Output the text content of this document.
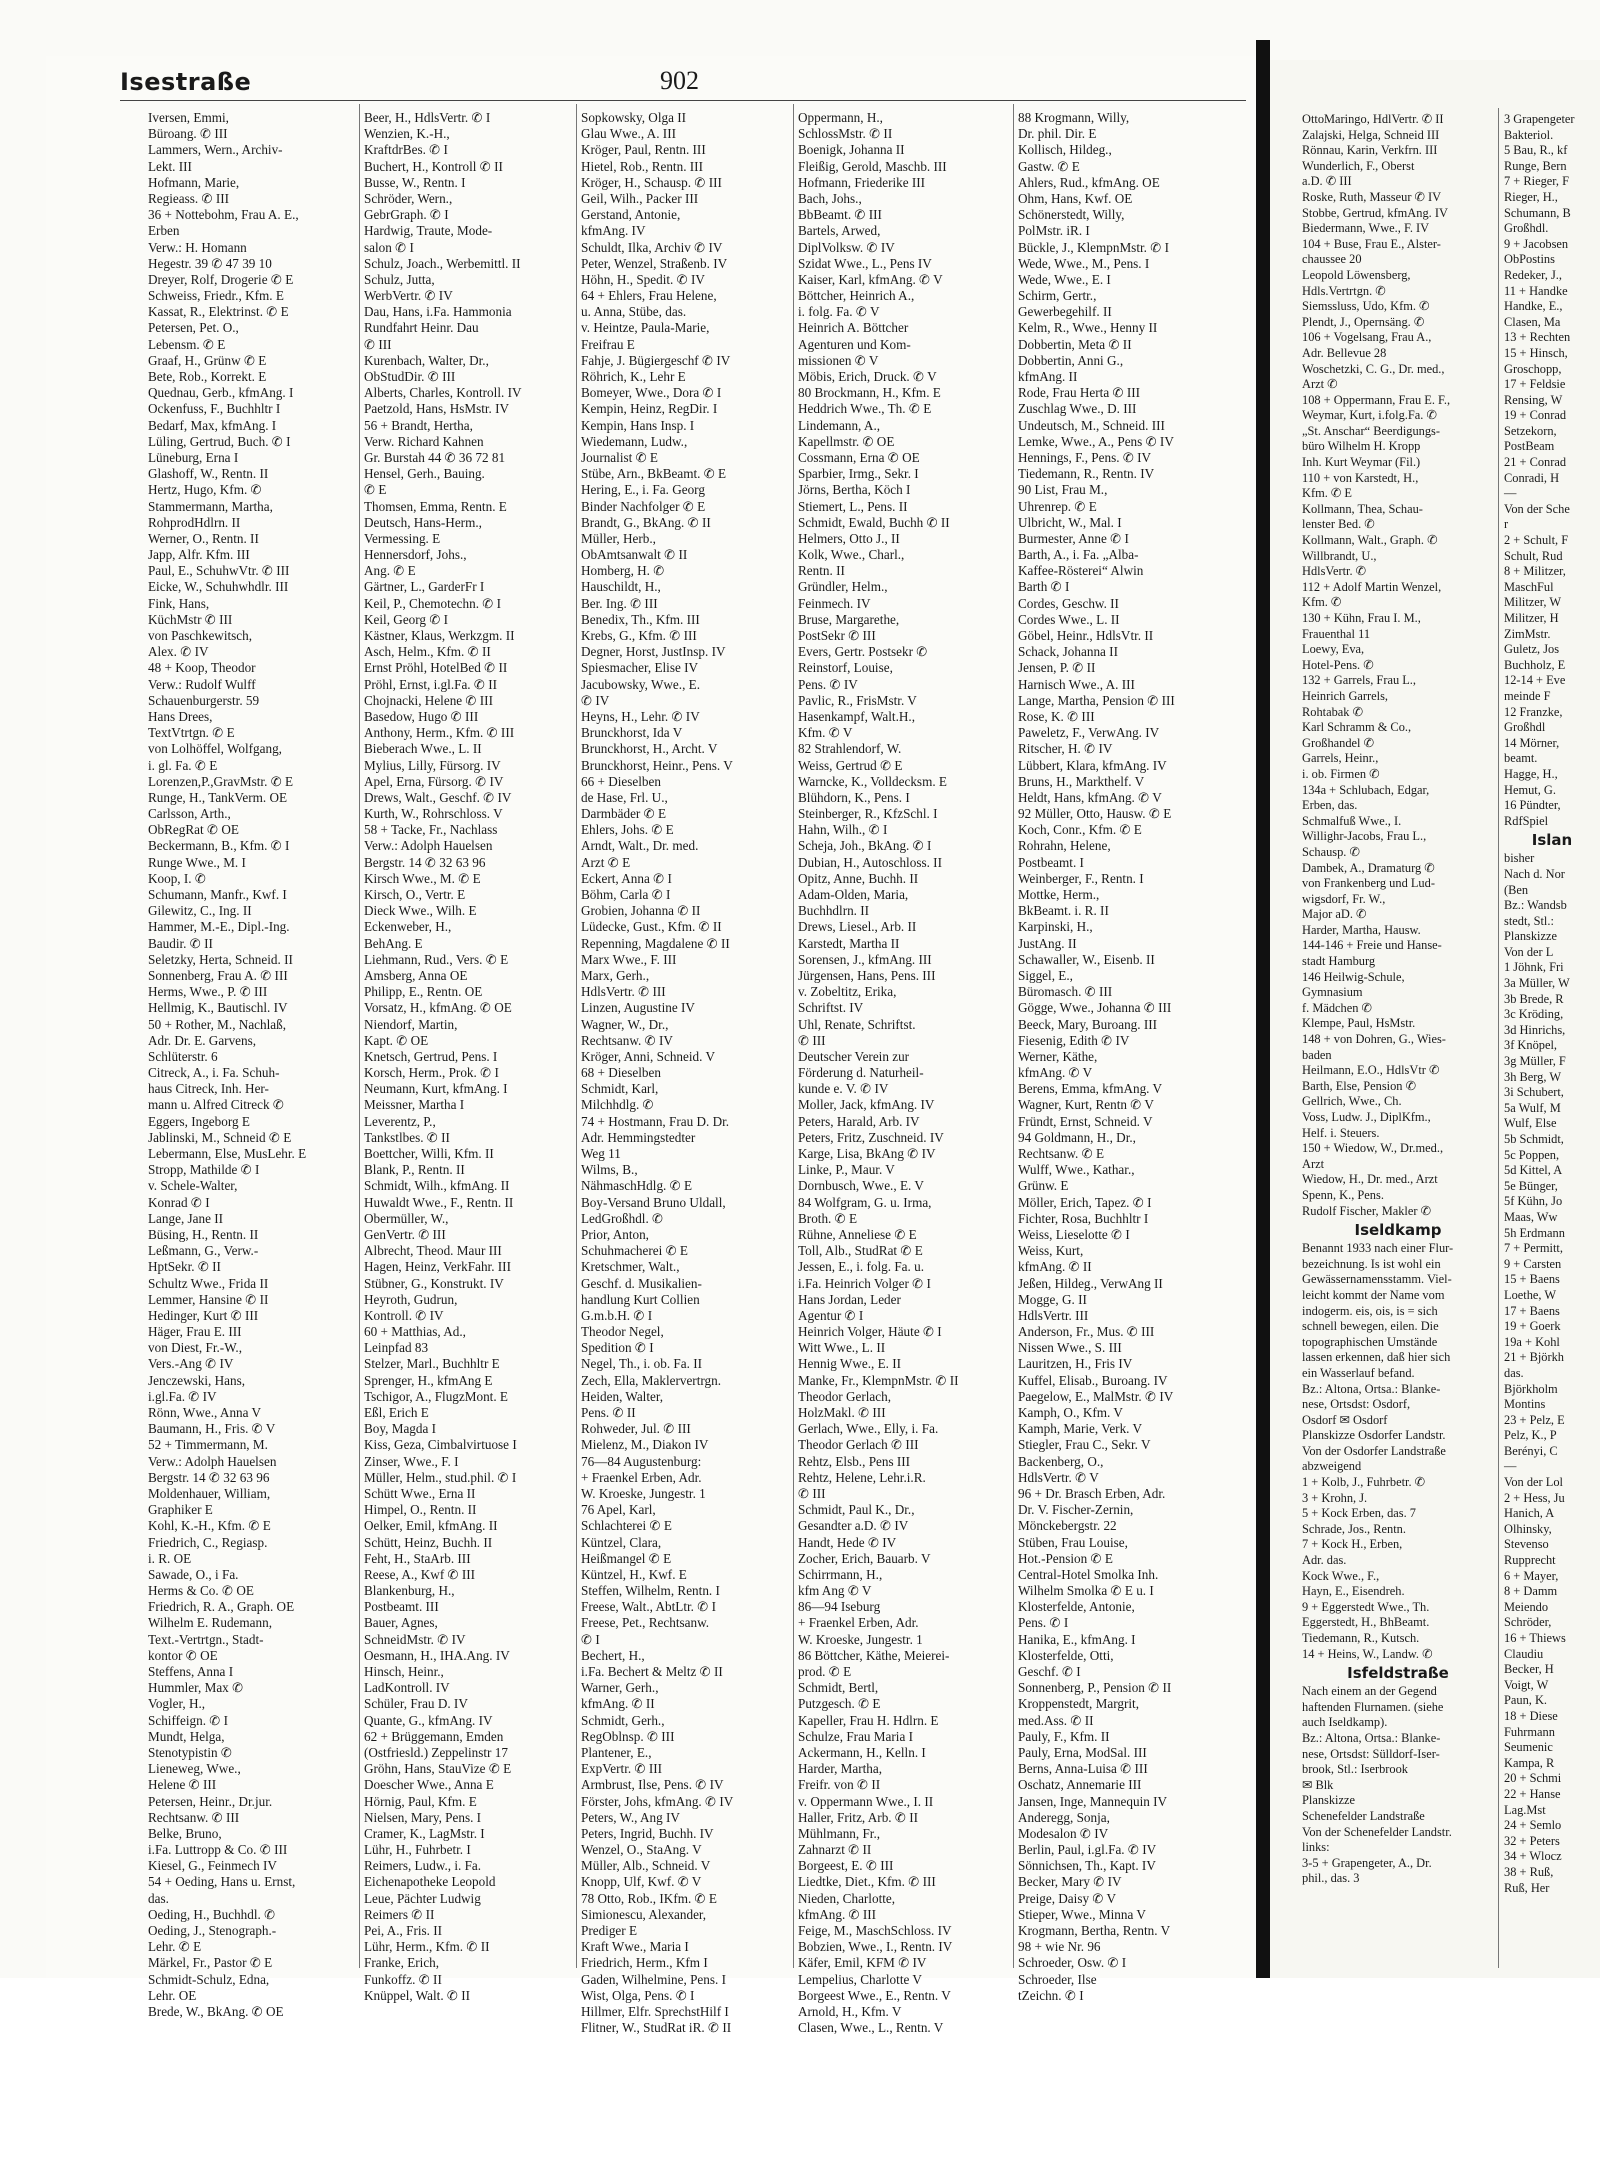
Isestraße	902
Iversen, Emmi,
Büroang. ✆ III
Lammers, Wern., Archiv-
Lekt. III
Hofmann, Marie,
Regieass. ✆ III
36 + Nottebohm, Frau A. E.,
Erben
Verw.: H. Homann
Hegestr. 39 ✆ 47 39 10
Dreyer, Rolf, Drogerie ✆ E
Schweiss, Friedr., Kfm. E
Kassat, R., Elektrinst. ✆ E
Petersen, Pet. O.,
Lebensm. ✆ E
Graaf, H., Grünw ✆ E
Bete, Rob., Korrekt. E
Quednau, Gerb., kfmAng. I
Ockenfuss, F., Buchhltr I
Bedarf, Max, kfmAng. I
Lüling, Gertrud, Buch. ✆ I
Lüneburg, Erna I
Glashoff, W., Rentn. II
Hertz, Hugo, Kfm. ✆
Stammermann, Martha,
RohprodHdlrn. II
Werner, O., Rentn. II
Japp, Alfr. Kfm. III
Paul, E., SchuhwVtr. ✆ III
Eicke, W., Schuhwhdlr. III
Fink, Hans,
KüchMstr ✆ III
von Paschkewitsch,
Alex. ✆ IV
48 + Koop, Theodor
Verw.: Rudolf Wulff
Schauenburgerstr. 59
Hans Drees,
TextVtrtgn. ✆ E
von Lolhöffel, Wolfgang,
i. gl. Fa. ✆ E
Lorenzen,P.,GravMstr. ✆ E
Runge, H., TankVerm. OE
Carlsson, Arth.,
ObRegRat ✆ OE
Beckermann, B., Kfm. ✆ I
Runge Wwe., M. I
Koop, I. ✆
Schumann, Manfr., Kwf. I
Gilewitz, C., Ing. II
Hammer, M.-E., Dipl.-Ing.
Baudir. ✆ II
Seletzky, Herta, Schneid. II
Sonnenberg, Frau A. ✆ III
Herms, Wwe., P. ✆ III
Hellmig, K., Bautischl. IV
50 + Rother, M., Nachlaß,
Adr. Dr. E. Garvens,
Schlüterstr. 6
Citreck, A., i. Fa. Schuh-
haus Citreck, Inh. Her-
mann u. Alfred Citreck ✆
Eggers, Ingeborg E
Jablinski, M., Schneid ✆ E
Lebermann, Else, MusLehr. E
Stropp, Mathilde ✆ I
v. Schele-Walter,
Konrad ✆ I
Lange, Jane II
Büsing, H., Rentn. II
Leßmann, G., Verw.-
HptSekr. ✆ II
Schultz Wwe., Frida II
Lemmer, Hansine ✆ II
Hedinger, Kurt ✆ III
Häger, Frau E. III
von Diest, Fr.-W.,
Vers.-Ang ✆ IV
Jenczewski, Hans,
i.gl.Fa. ✆ IV
Rönn, Wwe., Anna V
Baumann, H., Fris. ✆ V
52 + Timmermann, M.
Verw.: Adolph Hauelsen
Bergstr. 14 ✆ 32 63 96
Moldenhauer, William,
Graphiker E
Kohl, K.-H., Kfm. ✆ E
Friedrich, C., Regiasp.
i. R. OE
Sawade, O., i Fa.
Herms & Co. ✆ OE
Friedrich, R. A., Graph. OE
Wilhelm E. Rudemann,
Text.-Vertrtgn., Stadt-
kontor ✆ OE
Steffens, Anna I
Hummler, Max ✆
Vogler, H.,
Schiffeign. ✆ I
Mundt, Helga,
Stenotypistin ✆
Lieneweg, Wwe.,
Helene ✆ III
Petersen, Heinr., Dr.jur.
Rechtsanw. ✆ III
Belke, Bruno,
i.Fa. Luttropp & Co. ✆ III
Kiesel, G., Feinmech IV
54 + Oeding, Hans u. Ernst,
das.
Oeding, H., Buchhdl. ✆
Oeding, J., Stenograph.-
Lehr. ✆ E
Märkel, Fr., Pastor ✆ E
Schmidt-Schulz, Edna,
Lehr. OE
Brede, W., BkAng. ✆ OE
Beer, H., HdlsVertr. ✆ I
Wenzien, K.-H.,
KraftdrBes. ✆ I
Buchert, H., Kontroll ✆ II
Busse, W., Rentn. I
Schröder, Wern.,
GebrGraph. ✆ I
Hardwig, Traute, Mode-
salon ✆ I
Schulz, Joach., Werbemittl. II
Schulz, Jutta,
WerbVertr. ✆ IV
Dau, Hans, i.Fa. Hammonia
Rundfahrt Heinr. Dau
✆ III
Kurenbach, Walter, Dr.,
ObStudDir. ✆ III
Alberts, Charles, Kontroll. IV
Paetzold, Hans, HsMstr. IV
56 + Brandt, Hertha,
Verw. Richard Kahnen
Gr. Burstah 44 ✆ 36 72 81
Hensel, Gerh., Bauing.
✆ E
Thomsen, Emma, Rentn. E
Deutsch, Hans-Herm.,
Vermessing. E
Hennersdorf, Johs.,
Ang. ✆ E
Gärtner, L., GarderFr I
Keil, P., Chemotechn. ✆ I
Keil, Georg ✆ I
Kästner, Klaus, Werkzgm. II
Asch, Helm., Kfm. ✆ II
Ernst Pröhl, HotelBed ✆ II
Pröhl, Ernst, i.gl.Fa. ✆ II
Chojnacki, Helene ✆ III
Basedow, Hugo ✆ III
Anthony, Herm., Kfm. ✆ III
Bieberach Wwe., L. II
Mylius, Lilly, Fürsorg. IV
Apel, Erna, Fürsorg. ✆ IV
Drews, Walt., Geschf. ✆ IV
Kurth, W., Rohrschloss. V
58 + Tacke, Fr., Nachlass
Verw.: Adolph Hauelsen
Bergstr. 14 ✆ 32 63 96
Kirsch Wwe., M. ✆ E
Kirsch, O., Vertr. E
Dieck Wwe., Wilh. E
Eckenweber, H.,
BehAng. E
Liehmann, Rud., Vers. ✆ E
Amsberg, Anna OE
Philipp, E., Rentn. OE
Vorsatz, H., kfmAng. ✆ OE
Niendorf, Martin,
Kapt. ✆ OE
Knetsch, Gertrud, Pens. I
Korsch, Herm., Prok. ✆ I
Neumann, Kurt, kfmAng. I
Meissner, Martha I
Leverentz, P.,
Tankstlbes. ✆ II
Boettcher, Willi, Kfm. II
Blank, P., Rentn. II
Schmidt, Wilh., kfmAng. II
Huwaldt Wwe., F., Rentn. II
Obermüller, W.,
GenVertr. ✆ III
Albrecht, Theod. Maur III
Hagen, Heinz, VerkFahr. III
Stübner, G., Konstrukt. IV
Heyroth, Gudrun,
Kontroll. ✆ IV
60 + Matthias, Ad.,
Leinpfad 83
Stelzer, Marl., Buchhltr E
Sprenger, H., kfmAng E
Tschigor, A., FlugzMont. E
Eßl, Erich E
Boy, Magda I
Kiss, Geza, Cimbalvirtuose I
Zinser, Wwe., F. I
Müller, Helm., stud.phil. ✆ I
Schütt Wwe., Erna II
Himpel, O., Rentn. II
Oelker, Emil, kfmAng. II
Schütt, Heinz, Buchh. II
Feht, H., StaArb. III
Reese, A., Kwf ✆ III
Blankenburg, H.,
Postbeamt. III
Bauer, Agnes,
SchneidMstr. ✆ IV
Oesmann, H., IHA.Ang. IV
Hinsch, Heinr.,
LadKontroll. IV
Schüler, Frau D. IV
Quante, G., kfmAng. IV
62 + Brüggemann, Emden
(Ostfriesld.) Zeppelinstr 17
Gröhn, Hans, StauVize ✆ E
Doescher Wwe., Anna E
Hörnig, Paul, Kfm. E
Nielsen, Mary, Pens. I
Cramer, K., LagMstr. I
Lühr, H., Fuhrbetr. I
Reimers, Ludw., i. Fa.
Eichenapotheke Leopold
Leue, Pächter Ludwig
Reimers ✆ II
Pei, A., Fris. II
Lühr, Herm., Kfm. ✆ II
Franke, Erich,
Funkoffz. ✆ II
Knüppel, Walt. ✆ II
Sopkowsky, Olga II
Glau Wwe., A. III
Kröger, Paul, Rentn. III
Hietel, Rob., Rentn. III
Kröger, H., Schausp. ✆ III
Geil, Wilh., Packer III
Gerstand, Antonie,
kfmAng. IV
Schuldt, Ilka, Archiv ✆ IV
Peter, Wenzel, Straßenb. IV
Höhn, H., Spedit. ✆ IV
64 + Ehlers, Frau Helene,
u. Anna, Stübe, das.
v. Heintze, Paula-Marie,
Freifrau E
Fahje, J. Bügiergeschf ✆ IV
Röhrich, K., Lehr E
Bomeyer, Wwe., Dora ✆ I
Kempin, Heinz, RegDir. I
Kempin, Hans Insp. I
Wiedemann, Ludw.,
Journalist ✆ E
Stübe, Arn., BkBeamt. ✆ E
Hering, E., i. Fa. Georg
Binder Nachfolger ✆ E
Brandt, G., BkAng. ✆ II
Müller, Herb.,
ObAmtsanwalt ✆ II
Homberg, H. ✆
Hauschildt, H.,
Ber. Ing. ✆ III
Benedix, Th., Kfm. III
Krebs, G., Kfm. ✆ III
Degner, Horst, JustInsp. IV
Spiesmacher, Elise IV
Jacubowsky, Wwe., E.
✆ IV
Heyns, H., Lehr. ✆ IV
Brunckhorst, Ida V
Brunckhorst, H., Archt. V
Brunckhorst, Heinr., Pens. V
66 + Dieselben
de Hase, Frl. U.,
Darmbäder ✆ E
Ehlers, Johs. ✆ E
Arndt, Walt., Dr. med.
Arzt ✆ E
Eckert, Anna ✆ I
Böhm, Carla ✆ I
Grobien, Johanna ✆ II
Lüdecke, Gust., Kfm. ✆ II
Repenning, Magdalene ✆ II
Marx Wwe., F. III
Marx, Gerh.,
HdlsVertr. ✆ III
Linzen, Augustine IV
Wagner, W., Dr.,
Rechtsanw. ✆ IV
Kröger, Anni, Schneid. V
68 + Dieselben
Schmidt, Karl,
Milchhdlg. ✆
74 + Hostmann, Frau D. Dr.
Adr. Hemmingstedter
Weg 11
Wilms, B.,
NähmaschHdlg. ✆ E
Boy-Versand Bruno Uldall,
LedGroßhdl. ✆
Prior, Anton,
Schuhmacherei ✆ E
Kretschmer, Walt.,
Geschf. d. Musikalien-
handlung Kurt Collien
G.m.b.H. ✆ I
Theodor Negel,
Spedition ✆ I
Negel, Th., i. ob. Fa. II
Zech, Ella, Maklervertrgn.
Heiden, Walter,
Pens. ✆ II
Rohweder, Jul. ✆ III
Mielenz, M., Diakon IV
76—84 Augustenburg:
+ Fraenkel Erben, Adr.
W. Kroeske, Jungestr. 1
76 Apel, Karl,
Schlachterei ✆ E
Küntzel, Clara,
Heißmangel ✆ E
Küntzel, H., Kwf. E
Steffen, Wilhelm, Rentn. I
Freese, Walt., AbtLtr. ✆ I
Freese, Pet., Rechtsanw.
✆ I
Bechert, H.,
i.Fa. Bechert & Meltz ✆ II
Warner, Gerh.,
kfmAng. ✆ II
Schmidt, Gerh.,
RegOblnsp. ✆ III
Plantener, E.,
ExpVertr. ✆ III
Armbrust, Ilse, Pens. ✆ IV
Förster, Johs, kfmAng. ✆ IV
Peters, W., Ang IV
Peters, Ingrid, Buchh. IV
Wenzel, O., StaAng. V
Müller, Alb., Schneid. V
Knopp, Ulf, Kwf. ✆ V
78 Otto, Rob., IKfm. ✆ E
Simionescu, Alexander,
Prediger E
Kraft Wwe., Maria I
Friedrich, Herm., Kfm I
Gaden, Wilhelmine, Pens. I
Wist, Olga, Pens. ✆ I
Hillmer, Elfr. SprechstHilf I
Flitner, W., StudRat iR. ✆ II
Oppermann, H.,
SchlossMstr. ✆ II
Boenigk, Johanna II
Fleißig, Gerold, Maschb. III
Hofmann, Friederike III
Bach, Johs.,
BbBeamt. ✆ III
Bartels, Arwed,
DiplVolksw. ✆ IV
Szidat Wwe., L., Pens IV
Kaiser, Karl, kfmAng. ✆ V
Böttcher, Heinrich A.,
i. folg. Fa. ✆ V
Heinrich A. Böttcher
Agenturen und Kom-
missionen ✆ V
Möbis, Erich, Druck. ✆ V
80 Brockmann, H., Kfm. E
Heddrich Wwe., Th. ✆ E
Lindemann, A.,
Kapellmstr. ✆ OE
Cossmann, Erna ✆ OE
Sparbier, Irmg., Sekr. I
Jörns, Bertha, Köch I
Stiemert, L., Pens. II
Schmidt, Ewald, Buchh ✆ II
Helmers, Otto J., II
Kolk, Wwe., Charl.,
Rentn. II
Gründler, Helm.,
Feinmech. IV
Bruse, Margarethe,
PostSekr ✆ III
Evers, Gertr. Postsekr ✆
Reinstorf, Louise,
Pens. ✆ IV
Pavlic, R., FrisMstr. V
Hasenkampf, Walt.H.,
Kfm. ✆ V
82 Strahlendorf, W.
Weiss, Gertrud ✆ E
Warncke, K., Volldecksm. E
Blühdorn, K., Pens. I
Steinberger, R., KfzSchl. I
Hahn, Wilh., ✆ I
Scheja, Joh., BkAng. ✆ I
Dubian, H., Autoschloss. II
Opitz, Anne, Buchh. II
Adam-Olden, Maria,
Buchhdlrn. II
Drews, Liesel., Arb. II
Karstedt, Martha II
Sorensen, J., kfmAng. III
Jürgensen, Hans, Pens. III
v. Zobeltitz, Erika,
Schriftst. IV
Uhl, Renate, Schriftst.
✆ III
Deutscher Verein zur
Förderung d. Naturheil-
kunde e. V. ✆ IV
Moller, Jack, kfmAng. IV
Peters, Harald, Arb. IV
Peters, Fritz, Zuschneid. IV
Karge, Lisa, BkAng ✆ IV
Linke, P., Maur. V
Dornbusch, Wwe., E. V
84 Wolfgram, G. u. Irma,
Broth. ✆ E
Rühne, Anneliese ✆ E
Toll, Alb., StudRat ✆ E
Jessen, E., i. folg. Fa. u.
i.Fa. Heinrich Volger ✆ I
Hans Jordan, Leder
Agentur ✆ I
Heinrich Volger, Häute ✆ I
Witt Wwe., L. II
Hennig Wwe., E. II
Manke, Fr., KlempnMstr. ✆ II
Theodor Gerlach,
HolzMakl. ✆ III
Gerlach, Wwe., Elly, i. Fa.
Theodor Gerlach ✆ III
Rehtz, Elsb., Pens III
Rehtz, Helene, Lehr.i.R.
✆ III
Schmidt, Paul K., Dr.,
Gesandter a.D. ✆ IV
Handt, Hede ✆ IV
Zocher, Erich, Bauarb. V
Schirrmann, H.,
kfm Ang ✆ V
86—94 Iseburg
+ Fraenkel Erben, Adr.
W. Kroeske, Jungestr. 1
86 Böttcher, Käthe, Meierei-
prod. ✆ E
Schmidt, Bertl,
Putzgesch. ✆ E
Kapeller, Frau H. Hdlrn. E
Schulze, Frau Maria I
Ackermann, H., Kelln. I
Harder, Martha,
Freifr. von ✆ II
v. Oppermann Wwe., I. II
Haller, Fritz, Arb. ✆ II
Mühlmann, Fr.,
Zahnarzt ✆ II
Borgeest, E. ✆ III
Liedtke, Diet., Kfm. ✆ III
Nieden, Charlotte,
kfmAng. ✆ III
Feige, M., MaschSchloss. IV
Bobzien, Wwe., I., Rentn. IV
Käfer, Emil, KFM ✆ IV
Lempelius, Charlotte V
Borgeest Wwe., E., Rentn. V
Arnold, H., Kfm. V
Clasen, Wwe., L., Rentn. V
88 Krogmann, Willy,
Dr. phil. Dir. E
Kollisch, Hildeg.,
Gastw. ✆ E
Ahlers, Rud., kfmAng. OE
Ohm, Hans, Kwf. OE
Schönerstedt, Willy,
PolMstr. iR. I
Bückle, J., KlempnMstr. ✆ I
Wede, Wwe., M., Pens. I
Wede, Wwe., E. I
Schirm, Gertr.,
Gewerbegehilf. II
Kelm, R., Wwe., Henny II
Dobbertin, Meta ✆ II
Dobbertin, Anni G.,
kfmAng. II
Rode, Frau Herta ✆ III
Zuschlag Wwe., D. III
Undeutsch, M., Schneid. III
Lemke, Wwe., A., Pens ✆ IV
Hennings, F., Pens. ✆ IV
Tiedemann, R., Rentn. IV
90 List, Frau M.,
Uhrenrep. ✆ E
Ulbricht, W., Mal. I
Burmester, Anne ✆ I
Barth, A., i. Fa. „Alba-
Kaffee-Rösterei“ Alwin
Barth ✆ I
Cordes, Geschw. II
Cordes Wwe., L. II
Göbel, Heinr., HdlsVtr. II
Schack, Johanna II
Jensen, P. ✆ II
Harnisch Wwe., A. III
Lange, Martha, Pension ✆ III
Rose, K. ✆ III
Paweletz, F., VerwAng. IV
Ritscher, H. ✆ IV
Lübbert, Klara, kfmAng. IV
Bruns, H., Markthelf. V
Heldt, Hans, kfmAng. ✆ V
92 Müller, Otto, Hausw. ✆ E
Koch, Conr., Kfm. ✆ E
Rohrahn, Helene,
Postbeamt. I
Weinberger, F., Rentn. I
Mottke, Herm.,
BkBeamt. i. R. II
Karpinski, H.,
JustAng. II
Schawaller, W., Eisenb. II
Siggel, E.,
Büromasch. ✆ III
Gögge, Wwe., Johanna ✆ III
Beeck, Mary, Buroang. III
Fiesenig, Edith ✆ IV
Werner, Käthe,
kfmAng. ✆ V
Berens, Emma, kfmAng. V
Wagner, Kurt, Rentn ✆ V
Fründt, Ernst, Schneid. V
94 Goldmann, H., Dr.,
Rechtsanw. ✆ E
Wulff, Wwe., Kathar.,
Grünw. E
Möller, Erich, Tapez. ✆ I
Fichter, Rosa, Buchhltr I
Weiss, Lieselotte ✆ I
Weiss, Kurt,
kfmAng. ✆ II
Jeßen, Hildeg., VerwAng II
Mogge, G. II
HdlsVertr. III
Anderson, Fr., Mus. ✆ III
Nissen Wwe., S. III
Lauritzen, H., Fris IV
Kuffel, Elisab., Buroang. IV
Paegelow, E., MalMstr. ✆ IV
Kamph, O., Kfm. V
Kamph, Marie, Verk. V
Stiegler, Frau C., Sekr. V
Backenberg, O.,
HdlsVertr. ✆ V
96 + Dr. Brasch Erben, Adr.
Dr. V. Fischer-Zernin,
Mönckebergstr. 22
Stüben, Frau Louise,
Hot.-Pension ✆ E
Central-Hotel Smolka Inh.
Wilhelm Smolka ✆ E u. I
Klosterfelde, Antonie,
Pens. ✆ I
Hanika, E., kfmAng. I
Klosterfelde, Otti,
Geschf. ✆ I
Sonnenberg, P., Pension ✆ II
Kroppenstedt, Margrit,
med.Ass. ✆ II
Pauly, F., Kfm. II
Pauly, Erna, ModSal. III
Berns, Anna-Luisa ✆ III
Oschatz, Annemarie III
Jansen, Inge, Mannequin IV
Anderegg, Sonja,
Modesalon ✆ IV
Berlin, Paul, i.gl.Fa. ✆ IV
Sönnichsen, Th., Kapt. IV
Becker, Mary ✆ IV
Preige, Daisy ✆ V
Stieper, Wwe., Minna V
Krogmann, Bertha, Rentn. V
98 + wie Nr. 96
Schroeder, Osw. ✆ I
Schroeder, Ilse
tZeichn. ✆ I
OttoMaringo, HdlVertr. ✆ II
Zalajski, Helga, Schneid III
Rönnau, Karin, Verkfrn. III
Wunderlich, F., Oberst
a.D. ✆ III
Roske, Ruth, Masseur ✆ IV
Stobbe, Gertrud, kfmAng. IV
Biedermann, Wwe., F. IV
104 + Buse, Frau E., Alster-
chaussee 20
Leopold Löwensberg,
Hdls.Vertrtgn. ✆
Siemssluss, Udo, Kfm. ✆
Plendt, J., Opernsäng. ✆
106 + Vogelsang, Frau A.,
Adr. Bellevue 28
Woschetzki, C. G., Dr. med.,
Arzt ✆
108 + Oppermann, Frau E. F.,
Weymar, Kurt, i.folg.Fa. ✆
„St. Anschar“ Beerdigungs-
büro Wilhelm H. Kropp
Inh. Kurt Weymar (Fil.)
110 + von Karstedt, H.,
Kfm. ✆ E
Kollmann, Thea, Schau-
lenster Bed. ✆
Kollmann, Walt., Graph. ✆
Willbrandt, U.,
HdlsVertr. ✆
112 + Adolf Martin Wenzel,
Kfm. ✆
130 + Kühn, Frau I. M.,
Frauenthal 11
Loewy, Eva,
Hotel-Pens. ✆
132 + Garrels, Frau L.,
Heinrich Garrels,
Rohtabak ✆
Karl Schramm & Co.,
Großhandel ✆
Garrels, Heinr.,
i. ob. Firmen ✆
134a + Schlubach, Edgar,
Erben, das.
Schmalfuß Wwe., I.
Willighr-Jacobs, Frau L.,
Schausp. ✆
Dambek, A., Dramaturg ✆
von Frankenberg und Lud-
wigsdorf, Fr. W.,
Major aD. ✆
Harder, Martha, Hausw.
144-146 + Freie und Hanse-
stadt Hamburg
146 Heilwig-Schule,
Gymnasium
f. Mädchen ✆
Klempe, Paul, HsMstr.
148 + von Dohren, G., Wies-
baden
Heilmann, E.O., HdlsVtr ✆
Barth, Else, Pension ✆
Gellrich, Wwe., Ch.
Voss, Ludw. J., DiplKfm.,
Helf. i. Steuers.
150 + Wiedow, W., Dr.med.,
Arzt
Wiedow, H., Dr. med., Arzt
Spenn, K., Pens.
Rudolf Fischer, Makler ✆
Iseldkamp
Benannt 1933 nach einer Flur-
bezeichnung. Is ist wohl ein
Gewässernamensstamm. Viel-
leicht kommt der Name vom
indogerm. eis, ois, is = sich
schnell bewegen, eilen. Die
topographischen Umstände
lassen erkennen, daß hier sich
ein Wasserlauf befand.
Bz.: Altona, Ortsa.: Blanke-
nese, Ortsdst: Osdorf,
Osdorf ✉ Osdorf
Planskizze Osdorfer Landstr.
Von der Osdorfer Landstraße
abzweigend
1 + Kolb, J., Fuhrbetr. ✆
3 + Krohn, J.
5 + Kock Erben, das. 7
Schrade, Jos., Rentn.
7 + Kock H., Erben,
Adr. das.
Kock Wwe., F.,
Hayn, E., Eisendreh.
9 + Eggerstedt Wwe., Th.
Eggerstedt, H., BhBeamt.
Tiedemann, R., Kutsch.
14 + Heins, W., Landw. ✆
Isfeldstraße
Nach einem an der Gegend
haftenden Flurnamen. (siehe
auch Iseldkamp).
Bz.: Altona, Ortsa.: Blanke-
nese, Ortsdst: Sülldorf-Iser-
brook, Stl.: Iserbrook
✉ Blk
Planskizze
Schenefelder Landstraße
Von der Schenefelder Landstr.
links:
3-5 + Grapengeter, A., Dr.
phil., das. 3
3 Grapengeter
Bakteriol.
5 Bau, R., kf
Runge, Bern
7 + Rieger, F
Rieger, H.,
Schumann, B
Großhdl.
9 + Jacobsen
ObPostins
Redeker, J.,
11 + Handke
Handke, E.,
Clasen, Ma
13 + Rechten
15 + Hinsch,
Groschopp,
17 + Feldsie
Rensing, W
19 + Conrad
Setzekorn,
PostBeam
21 + Conrad
Conradi, H
—
Von der Sche
r
2 + Schult, F
Schult, Rud
8 + Militzer,
MaschFul
Militzer, W
Militzer, H
ZimMstr.
Guletz, Jos
Buchholz, E
12-14 + Eve
meinde F
12 Franzke,
Großhdl
14 Mörner,
beamt.
Hagge, H.,
Hemut, G.
16 Pündter,
RdfSpiel
Islan
bisher
Nach d. Nor
(Ben
Bz.: Wandsb
stedt, Stl.:
Planskizze
Von der L
1 Jöhnk, Fri
3a Müller, W
3b Brede, R
3c Kröding,
3d Hinrichs,
3f Knöpel,
3g Müller, F
3h Berg, W
3i Schubert,
5a Wulf, M
Wulf, Else
5b Schmidt,
5c Poppen,
5d Kittel, A
5e Bünger,
5f Kühn, Jo
Maas, Ww
5h Erdmann
7 + Permitt,
9 + Carsten
15 + Baens
Loethe, W
17 + Baens
19 + Goerk
19a + Kohl
21 + Björkh
das.
Björkholm
Montins
23 + Pelz, E
Pelz, K., P
Berényi, C
—
Von der Lol
2 + Hess, Ju
Hanich, A
Olhinsky,
Stevenso
Rupprecht
6 + Mayer,
8 + Damm
Meiendo
Schröder,
16 + Thiews
Claudiu
Becker, H
Voigt, W
Paun, K.
18 + Diese
Fuhrmann
Seumenic
Kampa, R
20 + Schmi
22 + Hanse
Lag.Mst
24 + Semlo
32 + Peters
34 + Wlocz
38 + Ruß,
Ruß, Her
